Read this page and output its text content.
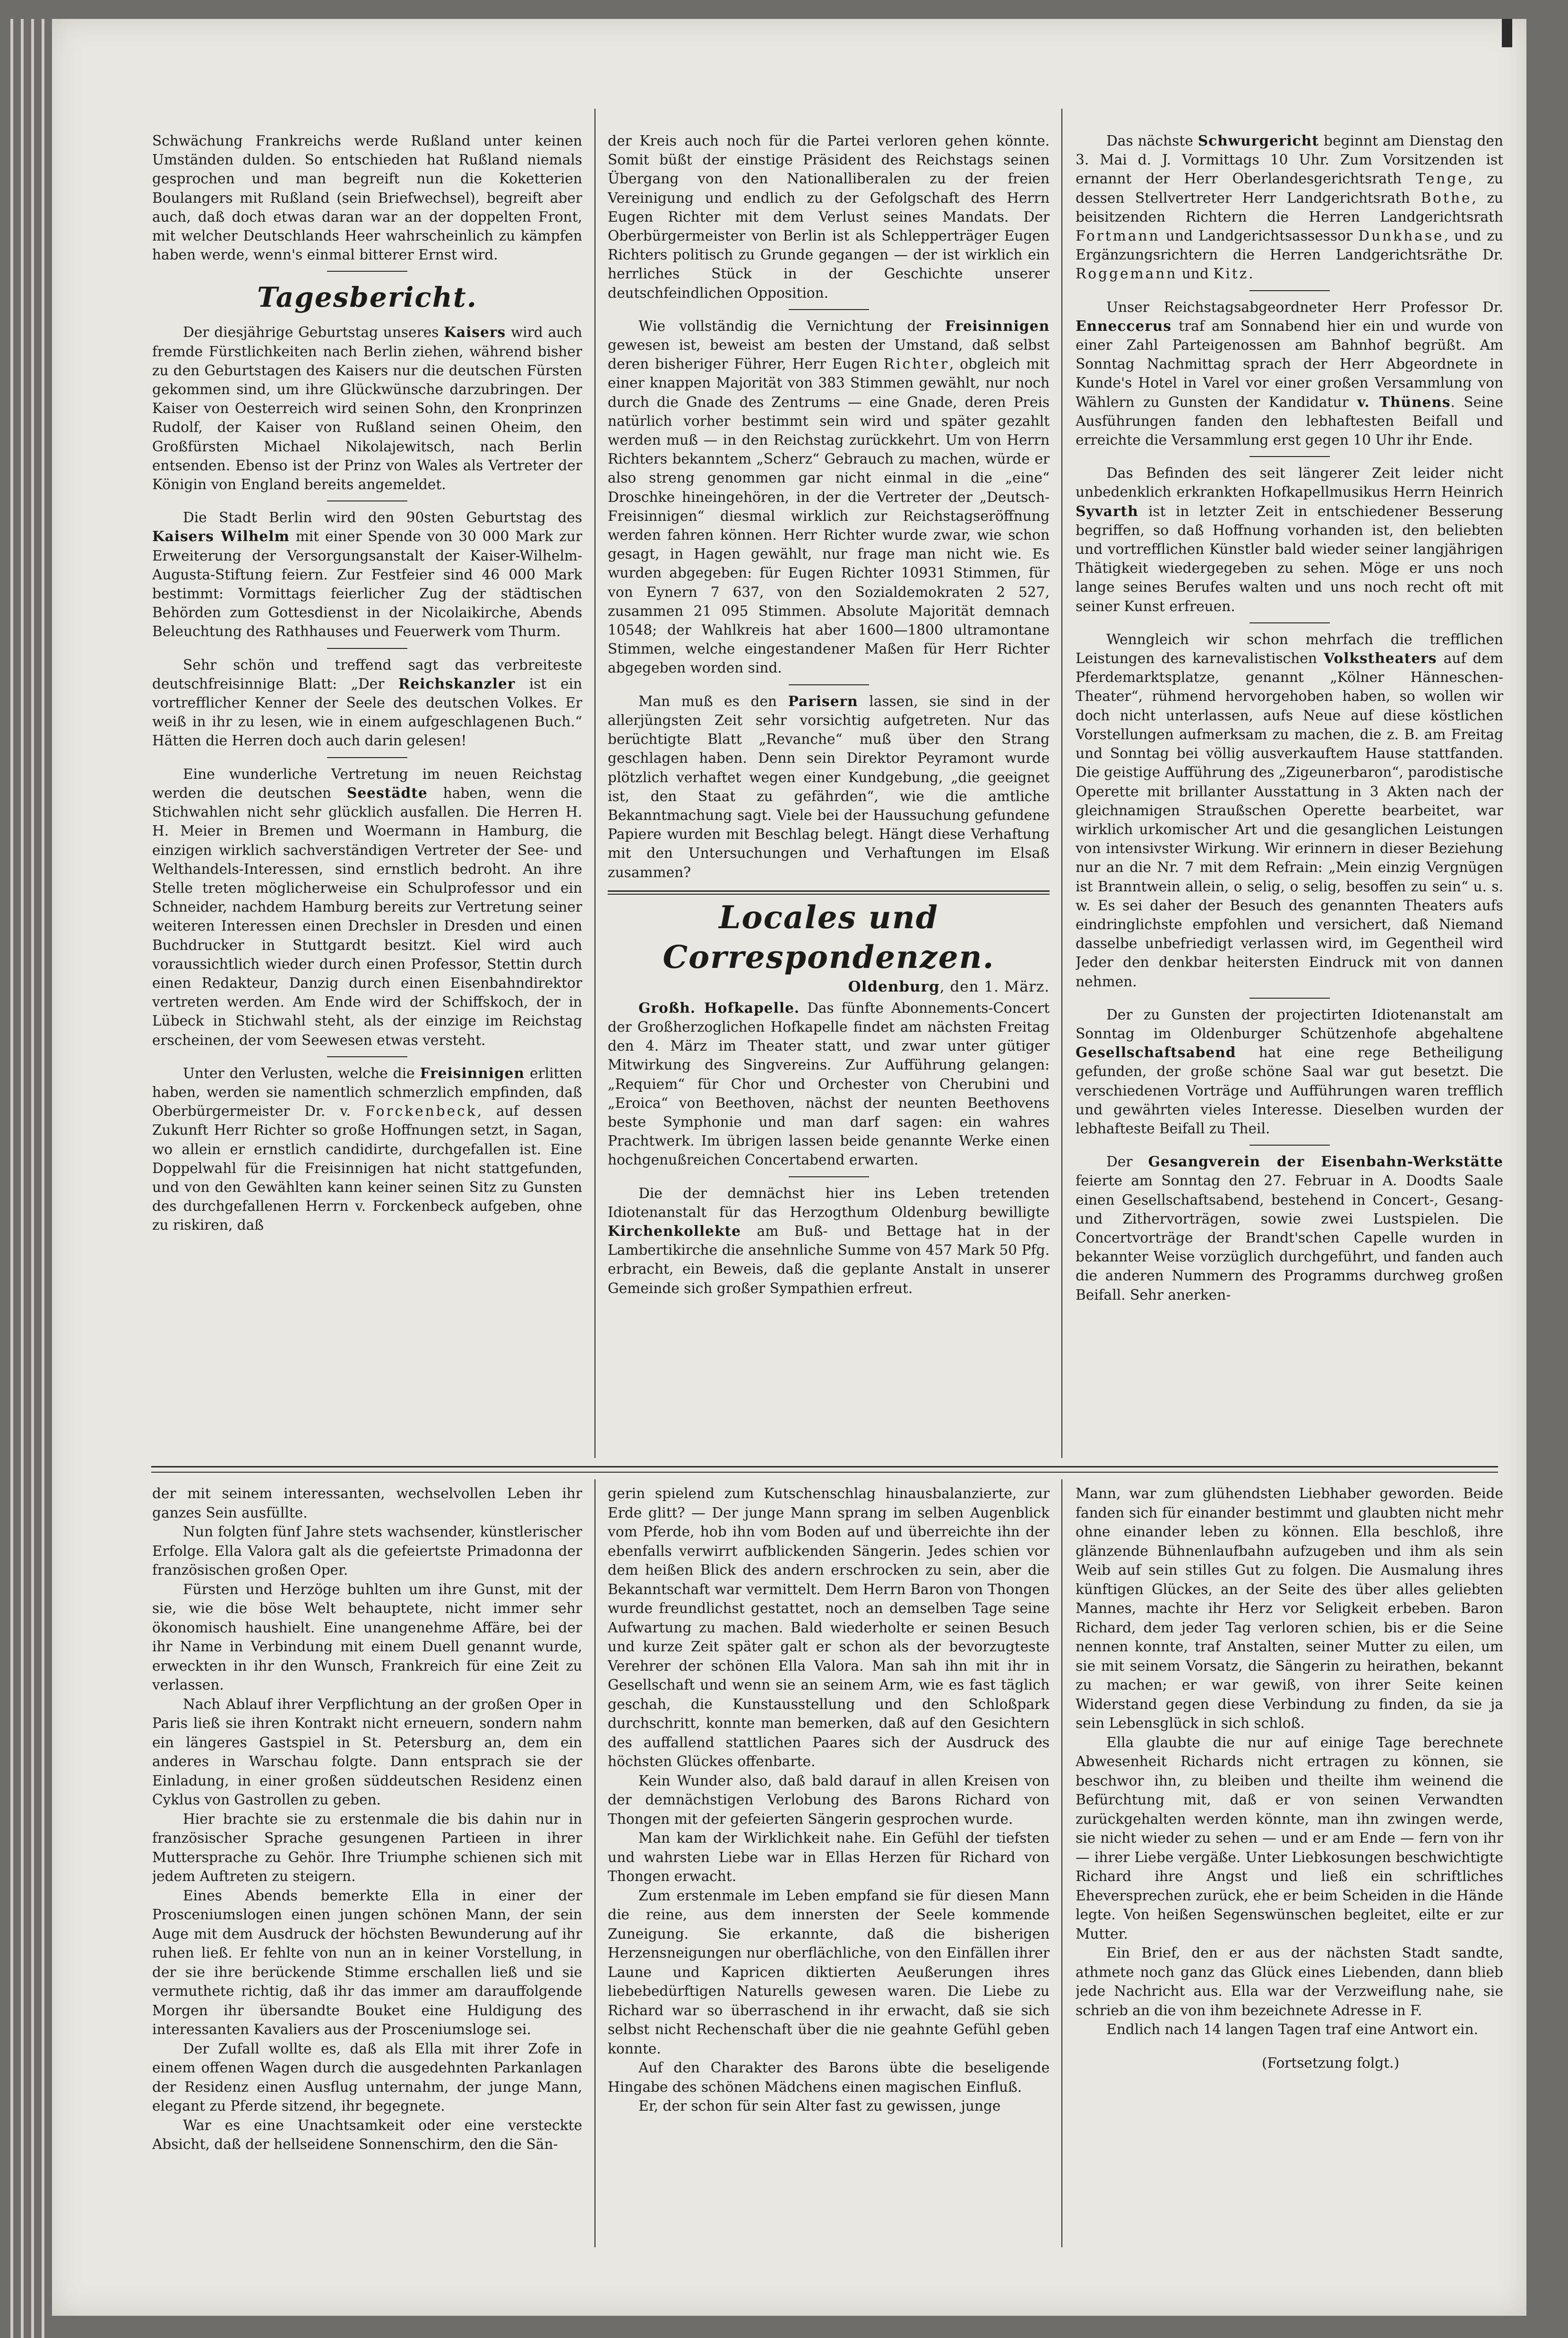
Schwächung Frankreichs werde Rußland unter keinen Umständen dulden. So entschieden hat Rußland niemals gesprochen und man begreift nun die Koketterien Boulangers mit Rußland (sein Briefwechsel), begreift aber auch, daß doch etwas daran war an der doppelten Front, mit welcher Deutschlands Heer wahrscheinlich zu kämpfen haben werde, wenn's einmal bitterer Ernst wird.

Tagesbericht.

Der diesjährige Geburtstag unseres Kaisers wird auch fremde Fürstlichkeiten nach Berlin ziehen, während bisher zu den Geburtstagen des Kaisers nur die deutschen Fürsten gekommen sind, um ihre Glückwünsche darzubringen. Der Kaiser von Oesterreich wird seinen Sohn, den Kronprinzen Rudolf, der Kaiser von Rußland seinen Oheim, den Großfürsten Michael Nikolajewitsch, nach Berlin entsenden. Ebenso ist der Prinz von Wales als Vertreter der Königin von England bereits angemeldet.

Die Stadt Berlin wird den 90sten Geburtstag des Kaisers Wilhelm mit einer Spende von 30 000 Mark zur Erweiterung der Versorgungsanstalt der Kaiser-Wilhelm-Augusta-Stiftung feiern. Zur Festfeier sind 46 000 Mark bestimmt: Vormittags feierlicher Zug der städtischen Behörden zum Gottesdienst in der Nicolaikirche, Abends Beleuchtung des Rathhauses und Feuerwerk vom Thurm.

Sehr schön und treffend sagt das verbreiteste deutschfreisinnige Blatt: „Der Reichskanzler ist ein vortrefflicher Kenner der Seele des deutschen Volkes. Er weiß in ihr zu lesen, wie in einem aufgeschlagenen Buch.“ Hätten die Herren doch auch darin gelesen!

Eine wunderliche Vertretung im neuen Reichstag werden die deutschen Seestädte haben, wenn die Stichwahlen nicht sehr glücklich ausfallen. Die Herren H. H. Meier in Bremen und Woermann in Hamburg, die einzigen wirklich sachverständigen Vertreter der See- und Welthandels-Interessen, sind ernstlich bedroht. An ihre Stelle treten möglicherweise ein Schulprofessor und ein Schneider, nachdem Hamburg bereits zur Vertretung seiner weiteren Interessen einen Drechsler in Dresden und einen Buchdrucker in Stuttgardt besitzt. Kiel wird auch voraussichtlich wieder durch einen Professor, Stettin durch einen Redakteur, Danzig durch einen Eisenbahndirektor vertreten werden. Am Ende wird der Schiffskoch, der in Lübeck in Stichwahl steht, als der einzige im Reichstag erscheinen, der vom Seewesen etwas versteht.

Unter den Verlusten, welche die Freisinnigen erlitten haben, werden sie namentlich schmerzlich empfinden, daß Oberbürgermeister Dr. v. Forckenbeck, auf dessen Zukunft Herr Richter so große Hoffnungen setzt, in Sagan, wo allein er ernstlich candidirte, durchgefallen ist. Eine Doppelwahl für die Freisinnigen hat nicht stattgefunden, und von den Gewählten kann keiner seinen Sitz zu Gunsten des durchgefallenen Herrn v. Forckenbeck aufgeben, ohne zu riskiren, daß

der Kreis auch noch für die Partei verloren gehen könnte. Somit büßt der einstige Präsident des Reichstags seinen Übergang von den Nationalliberalen zu der freien Vereinigung und endlich zu der Gefolgschaft des Herrn Eugen Richter mit dem Verlust seines Mandats. Der Oberbürgermeister von Berlin ist als Schlepperträger Eugen Richters politisch zu Grunde gegangen — der ist wirklich ein herrliches Stück in der Geschichte unserer deutschfeindlichen Opposition.

Wie vollständig die Vernichtung der Freisinnigen gewesen ist, beweist am besten der Umstand, daß selbst deren bisheriger Führer, Herr Eugen Richter, obgleich mit einer knappen Majorität von 383 Stimmen gewählt, nur noch durch die Gnade des Zentrums — eine Gnade, deren Preis natürlich vorher bestimmt sein wird und später gezahlt werden muß — in den Reichstag zurückkehrt. Um von Herrn Richters bekanntem „Scherz“ Gebrauch zu machen, würde er also streng genommen gar nicht einmal in die „eine“ Droschke hineingehören, in der die Vertreter der „Deutsch-Freisinnigen“ diesmal wirklich zur Reichstagseröffnung werden fahren können. Herr Richter wurde zwar, wie schon gesagt, in Hagen gewählt, nur frage man nicht wie. Es wurden abgegeben: für Eugen Richter 10931 Stimmen, für von Eynern 7 637, von den Sozialdemokraten 2 527, zusammen 21 095 Stimmen. Absolute Majorität demnach 10548; der Wahlkreis hat aber 1600—1800 ultramontane Stimmen, welche eingestandener Maßen für Herr Richter abgegeben worden sind.

Man muß es den Parisern lassen, sie sind in der allerjüngsten Zeit sehr vorsichtig aufgetreten. Nur das berüchtigte Blatt „Revanche“ muß über den Strang geschlagen haben. Denn sein Direktor Peyramont wurde plötzlich verhaftet wegen einer Kundgebung, „die geeignet ist, den Staat zu gefährden“, wie die amtliche Bekanntmachung sagt. Viele bei der Haussuchung gefundene Papiere wurden mit Beschlag belegt. Hängt diese Verhaftung mit den Untersuchungen und Verhaftungen im Elsaß zusammen?

Locales und Correspondenzen.
Oldenburg, den 1. März.

Großh. Hofkapelle. Das fünfte Abonnements-Concert der Großherzoglichen Hofkapelle findet am nächsten Freitag den 4. März im Theater statt, und zwar unter gütiger Mitwirkung des Singvereins. Zur Aufführung gelangen: „Requiem“ für Chor und Orchester von Cherubini und „Eroica“ von Beethoven, nächst der neunten Beethovens beste Symphonie und man darf sagen: ein wahres Prachtwerk. Im übrigen lassen beide genannte Werke einen hochgenußreichen Concertabend erwarten.

Die der demnächst hier ins Leben tretenden Idiotenanstalt für das Herzogthum Oldenburg bewilligte Kirchenkollekte am Buß- und Bettage hat in der Lambertikirche die ansehnliche Summe von 457 Mark 50 Pfg. erbracht, ein Beweis, daß die geplante Anstalt in unserer Gemeinde sich großer Sympathien erfreut.

Das nächste Schwurgericht beginnt am Dienstag den 3. Mai d. J. Vormittags 10 Uhr. Zum Vorsitzenden ist ernannt der Herr Oberlandesgerichtsrath Tenge, zu dessen Stellvertreter Herr Landgerichtsrath Bothe, zu beisitzenden Richtern die Herren Landgerichtsrath Fortmann und Landgerichtsassessor Dunkhase, und zu Ergänzungsrichtern die Herren Landgerichtsräthe Dr. Roggemann und Kitz.

Unser Reichstagsabgeordneter Herr Professor Dr. Enneccerus traf am Sonnabend hier ein und wurde von einer Zahl Parteigenossen am Bahnhof begrüßt. Am Sonntag Nachmittag sprach der Herr Abgeordnete in Kunde's Hotel in Varel vor einer großen Versammlung von Wählern zu Gunsten der Kandidatur v. Thünens. Seine Ausführungen fanden den lebhaftesten Beifall und erreichte die Versammlung erst gegen 10 Uhr ihr Ende.

Das Befinden des seit längerer Zeit leider nicht unbedenklich erkrankten Hofkapellmusikus Herrn Heinrich Syvarth ist in letzter Zeit in entschiedener Besserung begriffen, so daß Hoffnung vorhanden ist, den beliebten und vortrefflichen Künstler bald wieder seiner langjährigen Thätigkeit wiedergegeben zu sehen. Möge er uns noch lange seines Berufes walten und uns noch recht oft mit seiner Kunst erfreuen.

Wenngleich wir schon mehrfach die trefflichen Leistungen des karnevalistischen Volkstheaters auf dem Pferdemarktsplatze, genannt „Kölner Hänneschen-Theater“, rühmend hervorgehoben haben, so wollen wir doch nicht unterlassen, aufs Neue auf diese köstlichen Vorstellungen aufmerksam zu machen, die z. B. am Freitag und Sonntag bei völlig ausverkauftem Hause stattfanden. Die geistige Aufführung des „Zigeunerbaron“, parodistische Operette mit brillanter Ausstattung in 3 Akten nach der gleichnamigen Straußschen Operette bearbeitet, war wirklich urkomischer Art und die gesanglichen Leistungen von intensivster Wirkung. Wir erinnern in dieser Beziehung nur an die Nr. 7 mit dem Refrain: „Mein einzig Vergnügen ist Branntwein allein, o selig, o selig, besoffen zu sein“ u. s. w. Es sei daher der Besuch des genannten Theaters aufs eindringlichste empfohlen und versichert, daß Niemand dasselbe unbefriedigt verlassen wird, im Gegentheil wird Jeder den denkbar heitersten Eindruck mit von dannen nehmen.

Der zu Gunsten der projectirten Idiotenanstalt am Sonntag im Oldenburger Schützenhofe abgehaltene Gesellschaftsabend hat eine rege Betheiligung gefunden, der große schöne Saal war gut besetzt. Die verschiedenen Vorträge und Aufführungen waren trefflich und gewährten vieles Interesse. Dieselben wurden der lebhafteste Beifall zu Theil.

Der Gesangverein der Eisenbahn-Werkstätte feierte am Sonntag den 27. Februar in A. Doodts Saale einen Gesellschaftsabend, bestehend in Concert-, Gesang- und Zithervorträgen, sowie zwei Lustspielen. Die Concertvorträge der Brandt'schen Capelle wurden in bekannter Weise vorzüglich durchgeführt, und fanden auch die anderen Nummern des Programms durchweg großen Beifall. Sehr anerken-

der mit seinem interessanten, wechselvollen Leben ihr ganzes Sein ausfüllte.

Nun folgten fünf Jahre stets wachsender, künstlerischer Erfolge. Ella Valora galt als die gefeiertste Primadonna der französischen großen Oper.

Fürsten und Herzöge buhlten um ihre Gunst, mit der sie, wie die böse Welt behauptete, nicht immer sehr ökonomisch haushielt. Eine unangenehme Affäre, bei der ihr Name in Verbindung mit einem Duell genannt wurde, erweckten in ihr den Wunsch, Frankreich für eine Zeit zu verlassen.

Nach Ablauf ihrer Verpflichtung an der großen Oper in Paris ließ sie ihren Kontrakt nicht erneuern, sondern nahm ein längeres Gastspiel in St. Petersburg an, dem ein anderes in Warschau folgte. Dann entsprach sie der Einladung, in einer großen süddeutschen Residenz einen Cyklus von Gastrollen zu geben.

Hier brachte sie zu erstenmale die bis dahin nur in französischer Sprache gesungenen Partieen in ihrer Muttersprache zu Gehör. Ihre Triumphe schienen sich mit jedem Auftreten zu steigern.

Eines Abends bemerkte Ella in einer der Prosceniumslogen einen jungen schönen Mann, der sein Auge mit dem Ausdruck der höchsten Bewunderung auf ihr ruhen ließ. Er fehlte von nun an in keiner Vorstellung, in der sie ihre berückende Stimme erschallen ließ und sie vermuthete richtig, daß ihr das immer am darauffolgende Morgen ihr übersandte Bouket eine Huldigung des interessanten Kavaliers aus der Prosceniumsloge sei.

Der Zufall wollte es, daß als Ella mit ihrer Zofe in einem offenen Wagen durch die ausgedehnten Parkanlagen der Residenz einen Ausflug unternahm, der junge Mann, elegant zu Pferde sitzend, ihr begegnete.

War es eine Unachtsamkeit oder eine versteckte Absicht, daß der hellseidene Sonnenschirm, den die Sän-

gerin spielend zum Kutschenschlag hinausbalanzierte, zur Erde glitt? — Der junge Mann sprang im selben Augenblick vom Pferde, hob ihn vom Boden auf und überreichte ihn der ebenfalls verwirrt aufblickenden Sängerin. Jedes schien vor dem heißen Blick des andern erschrocken zu sein, aber die Bekanntschaft war vermittelt. Dem Herrn Baron von Thongen wurde freundlichst gestattet, noch an demselben Tage seine Aufwartung zu machen. Bald wiederholte er seinen Besuch und kurze Zeit später galt er schon als der bevorzugteste Verehrer der schönen Ella Valora. Man sah ihn mit ihr in Gesellschaft und wenn sie an seinem Arm, wie es fast täglich geschah, die Kunstausstellung und den Schloßpark durchschritt, konnte man bemerken, daß auf den Gesichtern des auffallend stattlichen Paares sich der Ausdruck des höchsten Glückes offenbarte.

Kein Wunder also, daß bald darauf in allen Kreisen von der demnächstigen Verlobung des Barons Richard von Thongen mit der gefeierten Sängerin gesprochen wurde.

Man kam der Wirklichkeit nahe. Ein Gefühl der tiefsten und wahrsten Liebe war in Ellas Herzen für Richard von Thongen erwacht.

Zum erstenmale im Leben empfand sie für diesen Mann die reine, aus dem innersten der Seele kommende Zuneigung. Sie erkannte, daß die bisherigen Herzensneigungen nur oberflächliche, von den Einfällen ihrer Laune und Kapricen diktierten Aeußerungen ihres liebebedürftigen Naturells gewesen waren. Die Liebe zu Richard war so überraschend in ihr erwacht, daß sie sich selbst nicht Rechenschaft über die nie geahnte Gefühl geben konnte.

Auf den Charakter des Barons übte die beseligende Hingabe des schönen Mädchens einen magischen Einfluß.

Er, der schon für sein Alter fast zu gewissen, junge

Mann, war zum glühendsten Liebhaber geworden. Beide fanden sich für einander bestimmt und glaubten nicht mehr ohne einander leben zu können. Ella beschloß, ihre glänzende Bühnenlaufbahn aufzugeben und ihm als sein Weib auf sein stilles Gut zu folgen. Die Ausmalung ihres künftigen Glückes, an der Seite des über alles geliebten Mannes, machte ihr Herz vor Seligkeit erbeben. Baron Richard, dem jeder Tag verloren schien, bis er die Seine nennen konnte, traf Anstalten, seiner Mutter zu eilen, um sie mit seinem Vorsatz, die Sängerin zu heirathen, bekannt zu machen; er war gewiß, von ihrer Seite keinen Widerstand gegen diese Verbindung zu finden, da sie ja sein Lebensglück in sich schloß.

Ella glaubte die nur auf einige Tage berechnete Abwesenheit Richards nicht ertragen zu können, sie beschwor ihn, zu bleiben und theilte ihm weinend die Befürchtung mit, daß er von seinen Verwandten zurückgehalten werden könnte, man ihn zwingen werde, sie nicht wieder zu sehen — und er am Ende — fern von ihr — ihrer Liebe vergäße. Unter Liebkosungen beschwichtigte Richard ihre Angst und ließ ein schriftliches Eheversprechen zurück, ehe er beim Scheiden in die Hände legte. Von heißen Segenswünschen begleitet, eilte er zur Mutter.

Ein Brief, den er aus der nächsten Stadt sandte, athmete noch ganz das Glück eines Liebenden, dann blieb jede Nachricht aus. Ella war der Verzweiflung nahe, sie schrieb an die von ihm bezeichnete Adresse in F.

Endlich nach 14 langen Tagen traf eine Antwort ein.

(Fortsetzung folgt.)
